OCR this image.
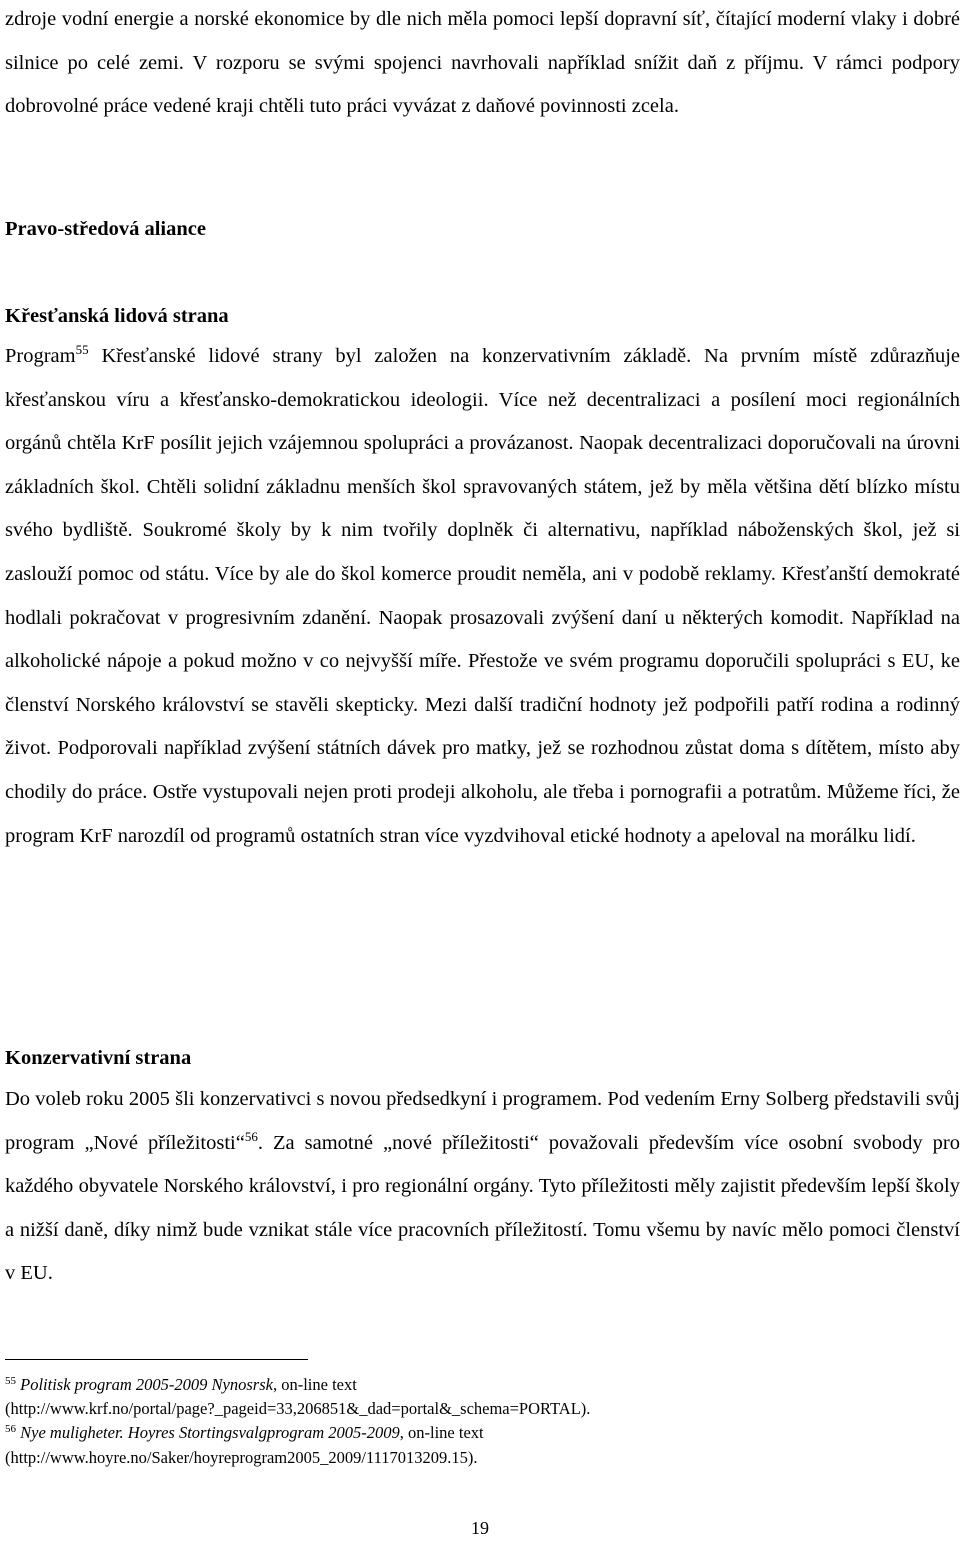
zdroje vodní energie a norské ekonomice by dle nich měla pomoci lepší dopravní síť, čítající moderní vlaky i dobré silnice po celé zemi. V rozporu se svými spojenci navrhovali například snížit daň z příjmu. V rámci podpory dobrovolné práce vedené kraji chtěli tuto práci vyvázat z daňové povinnosti zcela.

Pravo-středová aliance

Křesťanská lidová strana

Program$^{55}$ Křesťanské lidové strany byl založen na konzervativním základě. Na prvním místě zdůrazňuje křesťanskou víru a křesťansko-demokratickou ideologii. Více než decentralizaci a posílení moci regionálních orgánů chtěla KrF posílit jejich vzájemnou spolupráci a provázanost. Naopak decentralizaci doporučovali na úrovni základních škol. Chtěli solidní základnu menších škol spravovaných státem, jež by měla většina dětí blízko místu svého bydliště. Soukromé školy by k nim tvořily doplněk či alternativu, například náboženských škol, jež si zaslouží pomoc od státu. Více by ale do škol komerce proudit neměla, ani v podobě reklamy. Křesťanští demokraté hodlali pokračovat v progresivním zdanění. Naopak prosazovali zvýšení daní u některých komodit. Například na alkoholické nápoje a pokud možno v co nejvyšší míře. Přestože ve svém programu doporučili spolupráci s EU, ke členství Norského království se stavěli skepticky. Mezi další tradiční hodnoty jež podpořili patří rodina a rodinný život. Podporovali například zvýšení státních dávek pro matky, jež se rozhodnou zůstat doma s dítětem, místo aby chodily do práce. Ostře vystupovali nejen proti prodeji alkoholu, ale třeba i pornografii a potratům. Můžeme říci, že program KrF narozdíl od programů ostatních stran více vyzdvihoval etické hodnoty a apeloval na morálku lidí.

Konzervativní strana

Do voleb roku 2005 šli konzervativci s novou předsedkyní i programem. Pod vedením Erny Solberg představili svůj program „Nové příležitosti“$^{56}$. Za samotné „nové příležitosti“ považovali především více osobní svobody pro každého obyvatele Norského království, i pro regionální orgány. Tyto příležitosti měly zajistit především lepší školy a nižší daně, díky nimž bude vznikat stále více pracovních příležitostí. Tomu všemu by navíc mělo pomoci členství v EU.

$^{55}$ Politisk program 2005-2009 Nynosrsk, on-line text

(http://www.krf.no/portal/page?_pageid=33,206851&_dad=portal&_schema=PORTAL).

$^{56}$ Nye muligheter. Hoyres Stortingsvalgprogram 2005-2009, on-line text

(http://www.hoyre.no/Saker/hoyreprogram2005_2009/1117013209.15).

19
